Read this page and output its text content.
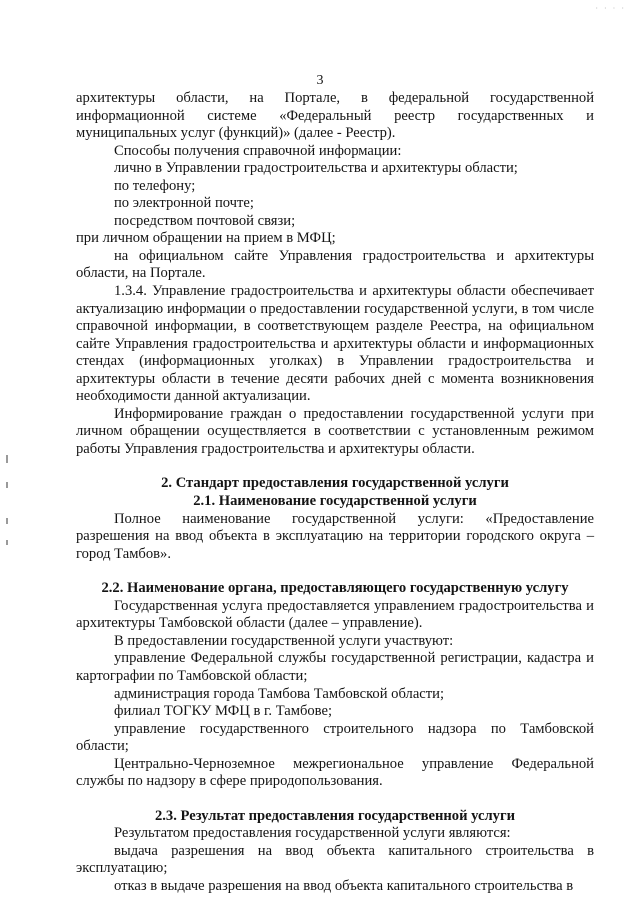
· · · ·
3

архитектуры области, на Портале, в федеральной государственной информационной системе «Федеральный реестр государственных и муниципальных услуг (функций)» (далее - Реестр).

Способы получения справочной информации:

лично в Управлении градостроительства и архитектуры области;

по телефону;

по электронной почте;

посредством почтовой связи;

при личном обращении на прием в МФЦ;

на официальном сайте Управления градостроительства и архитектуры области, на Портале.

1.3.4. Управление градостроительства и архитектуры области обеспечивает актуализацию информации о предоставлении государственной услуги, в том числе справочной информации, в соответствующем разделе Реестра, на официальном сайте Управления градостроительства и архитектуры области и информационных стендах (информационных уголках) в Управлении градостроительства и архитектуры области в течение десяти рабочих дней с момента возникновения необходимости данной актуализации.

Информирование граждан о предоставлении государственной услуги при личном обращении осуществляется в соответствии с установленным режимом работы Управления градостроительства и архитектуры области.

2. Стандарт предоставления государственной услуги

2.1. Наименование государственной услуги

Полное наименование государственной услуги: «Предоставление разрешения на ввод объекта в эксплуатацию на территории городского округа – город Тамбов».

2.2. Наименование органа, предоставляющего государственную услугу

Государственная услуга предоставляется управлением градостроительства и архитектуры Тамбовской области (далее – управление).

В предоставлении государственной услуги участвуют:

управление Федеральной службы государственной регистрации, кадастра и картографии по Тамбовской области;

администрация города Тамбова Тамбовской области;

филиал ТОГКУ МФЦ в г. Тамбове;

управление государственного строительного надзора по Тамбовской области;

Центрально-Черноземное межрегиональное управление Федеральной службы по надзору в сфере природопользования.

2.3. Результат предоставления государственной услуги

Результатом предоставления государственной услуги являются:

выдача разрешения на ввод объекта капитального строительства в эксплуатацию;

отказ в выдаче разрешения на ввод объекта капитального строительства в
